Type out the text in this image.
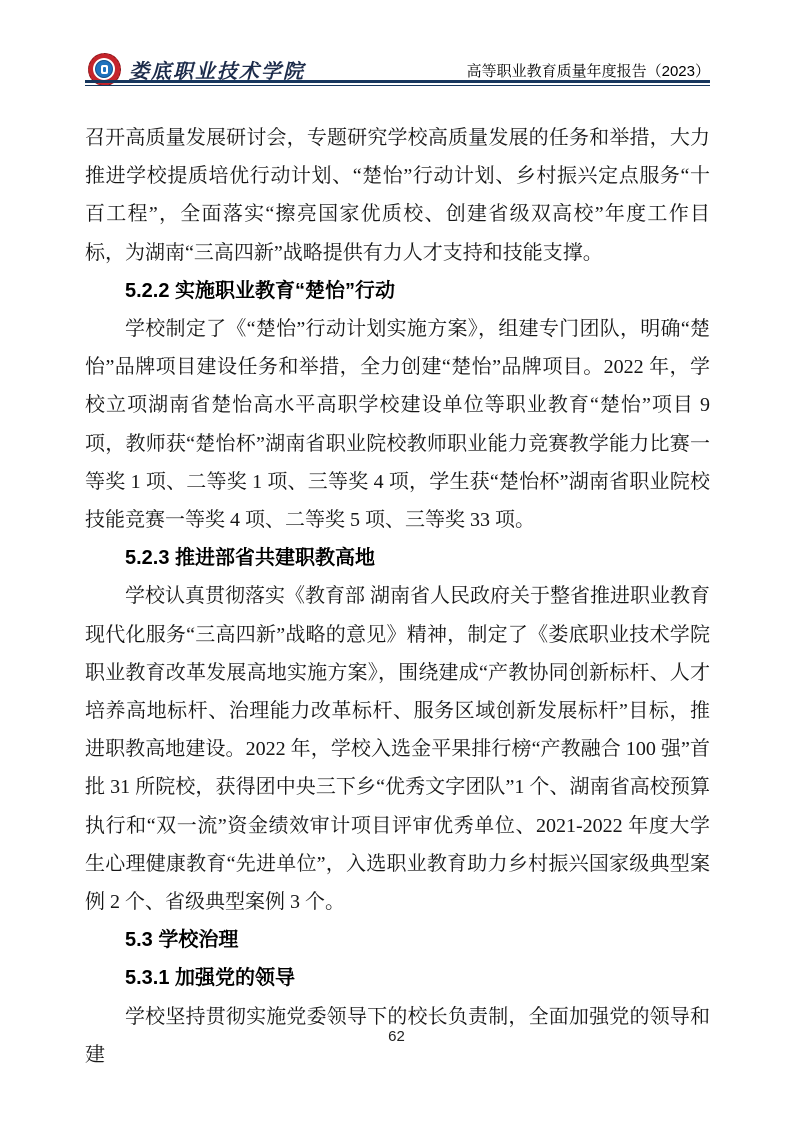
娄底职业技术学院	高等职业教育质量年度报告（2023）

召开高质量发展研讨会，专题研究学校高质量发展的任务和举措，大力推进学校提质培优行动计划、“楚怡”行动计划、乡村振兴定点服务“十百工程”，全面落实“擦亮国家优质校、创建省级双高校”年度工作目标，为湖南“三高四新”战略提供有力人才支持和技能支撑。

5.2.2 实施职业教育“楚怡”行动

学校制定了《“楚怡”行动计划实施方案》，组建专门团队，明确“楚怡”品牌项目建设任务和举措，全力创建“楚怡”品牌项目。2022 年，学校立项湖南省楚怡高水平高职学校建设单位等职业教育“楚怡”项目 9 项，教师获“楚怡杯”湖南省职业院校教师职业能力竞赛教学能力比赛一等奖 1 项、二等奖 1 项、三等奖 4 项，学生获“楚怡杯”湖南省职业院校技能竞赛一等奖 4 项、二等奖 5 项、三等奖 33 项。

5.2.3 推进部省共建职教高地

学校认真贯彻落实《教育部 湖南省人民政府关于整省推进职业教育现代化服务“三高四新”战略的意见》精神，制定了《娄底职业技术学院职业教育改革发展高地实施方案》，围绕建成“产教协同创新标杆、人才培养高地标杆、治理能力改革标杆、服务区域创新发展标杆”目标，推进职教高地建设。2022 年，学校入选金平果排行榜“产教融合 100 强”首批 31 所院校，获得团中央三下乡“优秀文字团队”1 个、湖南省高校预算执行和“双一流”资金绩效审计项目评审优秀单位、2021-2022 年度大学生心理健康教育“先进单位”，入选职业教育助力乡村振兴国家级典型案例 2 个、省级典型案例 3 个。

5.3 学校治理
5.3.1 加强党的领导

学校坚持贯彻实施党委领导下的校长负责制，全面加强党的领导和建

62
